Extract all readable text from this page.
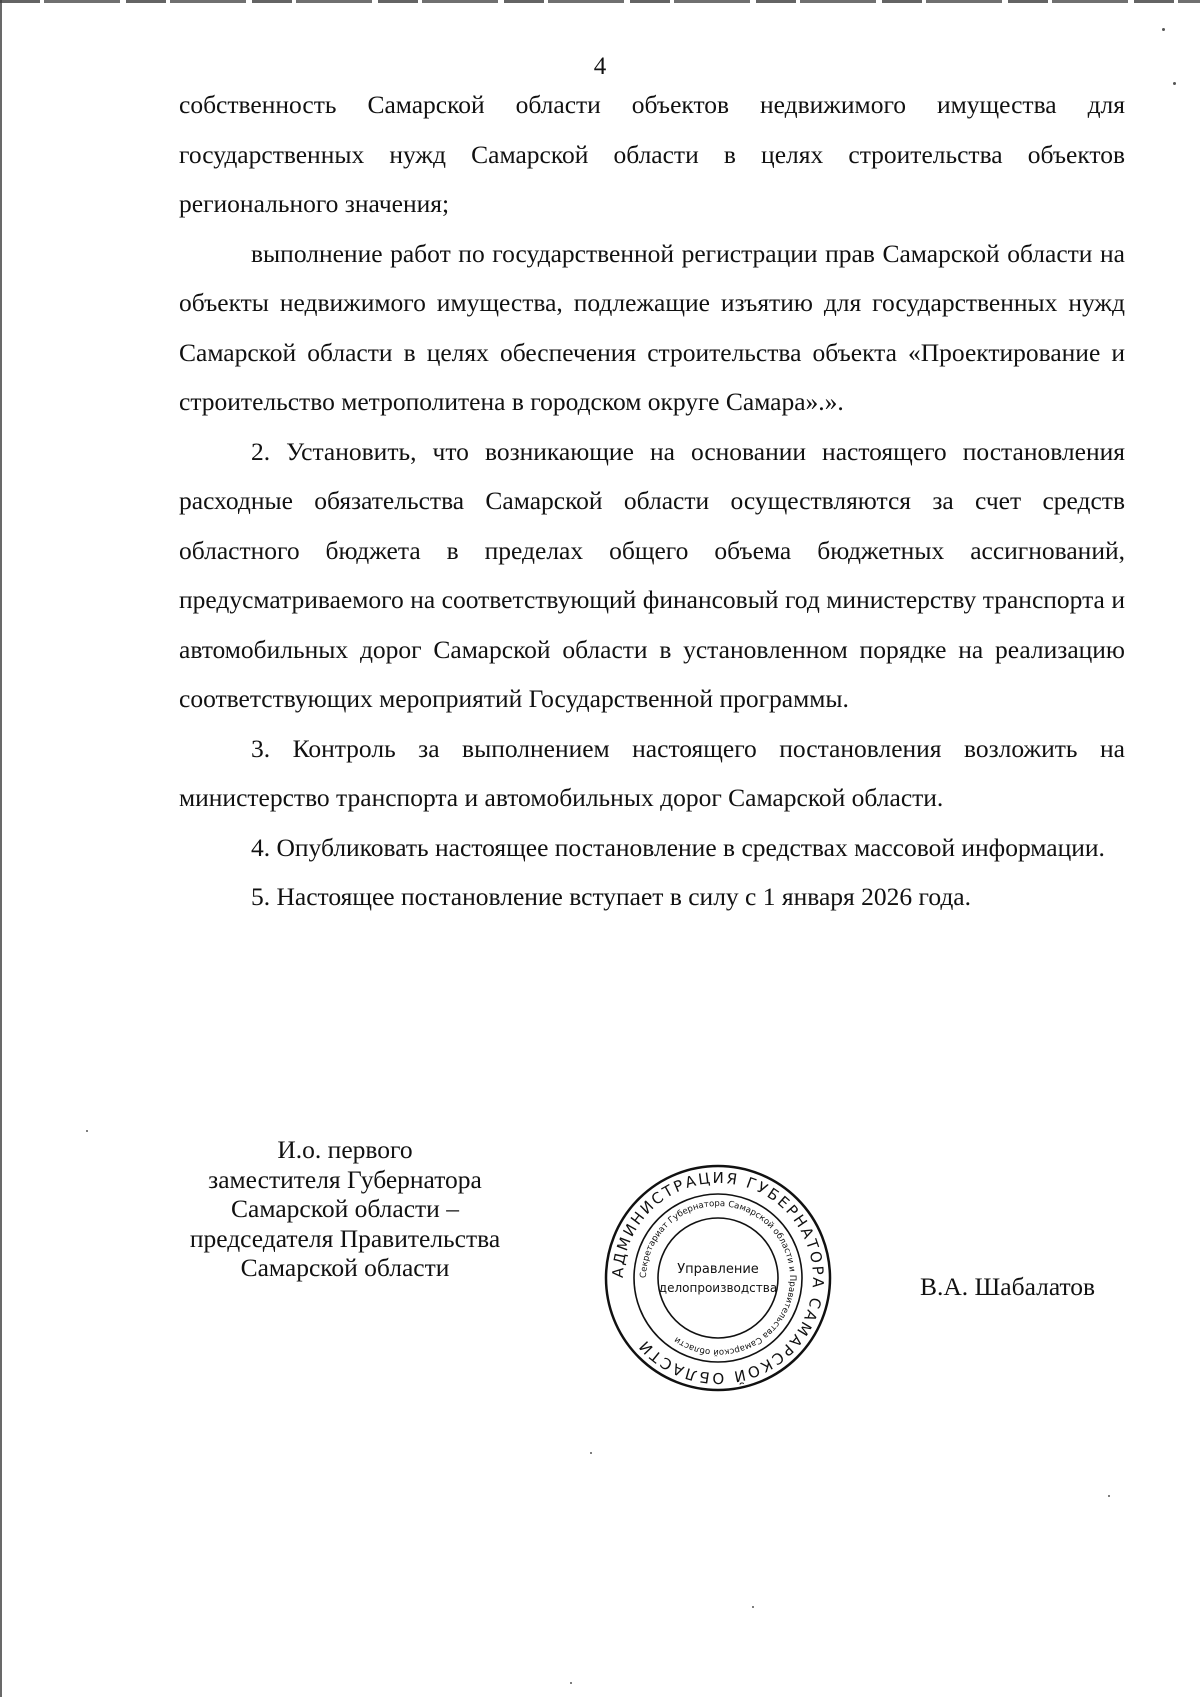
4

собственность Самарской области объектов недвижимого имущества для государственных нужд Самарской области в целях строительства объектов регионального значения;

выполнение работ по государственной регистрации прав Самарской области на объекты недвижимого имущества, подлежащие изъятию для государственных нужд Самарской области в целях обеспечения строительства объекта «Проектирование и строительство метрополитена в городском округе Самара».».

2. Установить, что возникающие на основании настоящего постановления расходные обязательства Самарской области осуществляются за счет средств областного бюджета в пределах общего объема бюджетных ассигнований, предусматриваемого на соответствующий финансовый год министерству транспорта и автомобильных дорог Самарской области в установленном порядке на реализацию соответствующих мероприятий Государственной программы.

3. Контроль за выполнением настоящего постановления возложить на министерство транспорта и автомобильных дорог Самарской области.

4. Опубликовать настоящее постановление в средствах массовой информации.

5. Настоящее постановление вступает в силу с 1 января 2026 года.

И.о. первого
заместителя Губернатора
Самарской области –
председателя Правительства
Самарской области	АДМИНИСТРАЦИЯ ГУБЕРНАТОРА САМАРСКОЙ ОБЛАСТИ
Секретариат Губернатора Самарской области и Правительства Самарской области
Управление
делопроизводства	В.А. Шабалатов
